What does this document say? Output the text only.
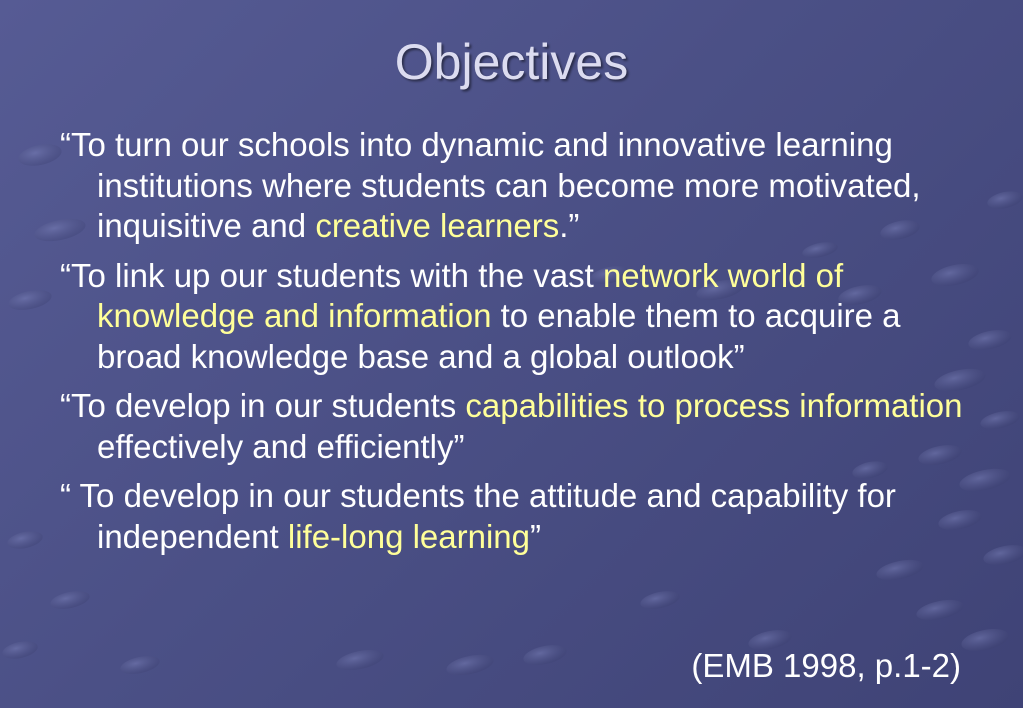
Objectives

“To turn our schools into dynamic and innovative learning institutions where students can become more motivated, inquisitive and creative learners.”

“To link up our students with the vast network world of knowledge and information to enable them to acquire a broad knowledge base and a global outlook”

“To develop in our students capabilities to process information effectively and efficiently”

“ To develop in our students the attitude and capability for independent life-long learning”

(EMB 1998, p.1-2)
